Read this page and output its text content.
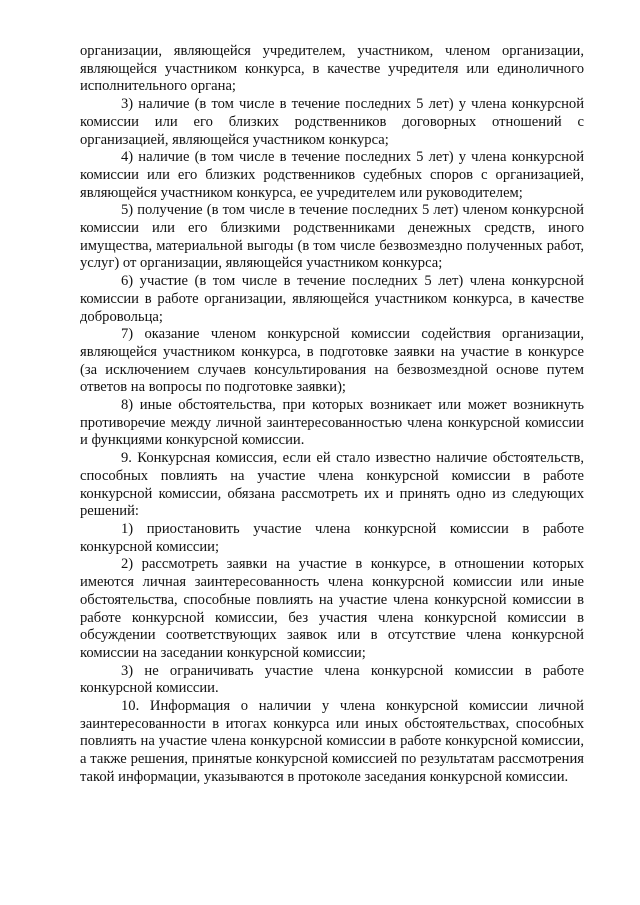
организации, являющейся учредителем, участником, членом организации, являющейся участником конкурса, в качестве учредителя или единоличного исполнительного органа;

3) наличие (в том числе в течение последних 5 лет) у члена конкурсной комиссии или его близких родственников договорных отношений с организацией, являющейся участником конкурса;

4) наличие (в том числе в течение последних 5 лет) у члена конкурсной комиссии или его близких родственников судебных споров с организацией, являющейся участником конкурса, ее учредителем или руководителем;

5) получение (в том числе в течение последних 5 лет) членом конкурсной комиссии или его близкими родственниками денежных средств, иного имущества, материальной выгоды (в том числе безвозмездно полученных работ, услуг) от организации, являющейся участником конкурса;

6) участие (в том числе в течение последних 5 лет) члена конкурсной комиссии в работе организации, являющейся участником конкурса, в качестве добровольца;

7) оказание членом конкурсной комиссии содействия организации, являющейся участником конкурса, в подготовке заявки на участие в конкурсе (за исключением случаев консультирования на безвозмездной основе путем ответов на вопросы по подготовке заявки);

8) иные обстоятельства, при которых возникает или может возникнуть противоречие между личной заинтересованностью члена конкурсной комиссии и функциями конкурсной комиссии.

9. Конкурсная комиссия, если ей стало известно наличие обстоятельств, способных повлиять на участие члена конкурсной комиссии в работе конкурсной комиссии, обязана рассмотреть их и принять одно из следующих решений:

1) приостановить участие члена конкурсной комиссии в работе конкурсной комиссии;

2) рассмотреть заявки на участие в конкурсе, в отношении которых имеются личная заинтересованность члена конкурсной комиссии или иные обстоятельства, способные повлиять на участие члена конкурсной комиссии в работе конкурсной комиссии, без участия члена конкурсной комиссии в обсуждении соответствующих заявок или в отсутствие члена конкурсной комиссии на заседании конкурсной комиссии;

3) не ограничивать участие члена конкурсной комиссии в работе конкурсной комиссии.

10. Информация о наличии у члена конкурсной комиссии личной заинтересованности в итогах конкурса или иных обстоятельствах, способных повлиять на участие члена конкурсной комиссии в работе конкурсной комиссии, а также решения, принятые конкурсной комиссией по результатам рассмотрения такой информации, указываются в протоколе заседания конкурсной комиссии.
